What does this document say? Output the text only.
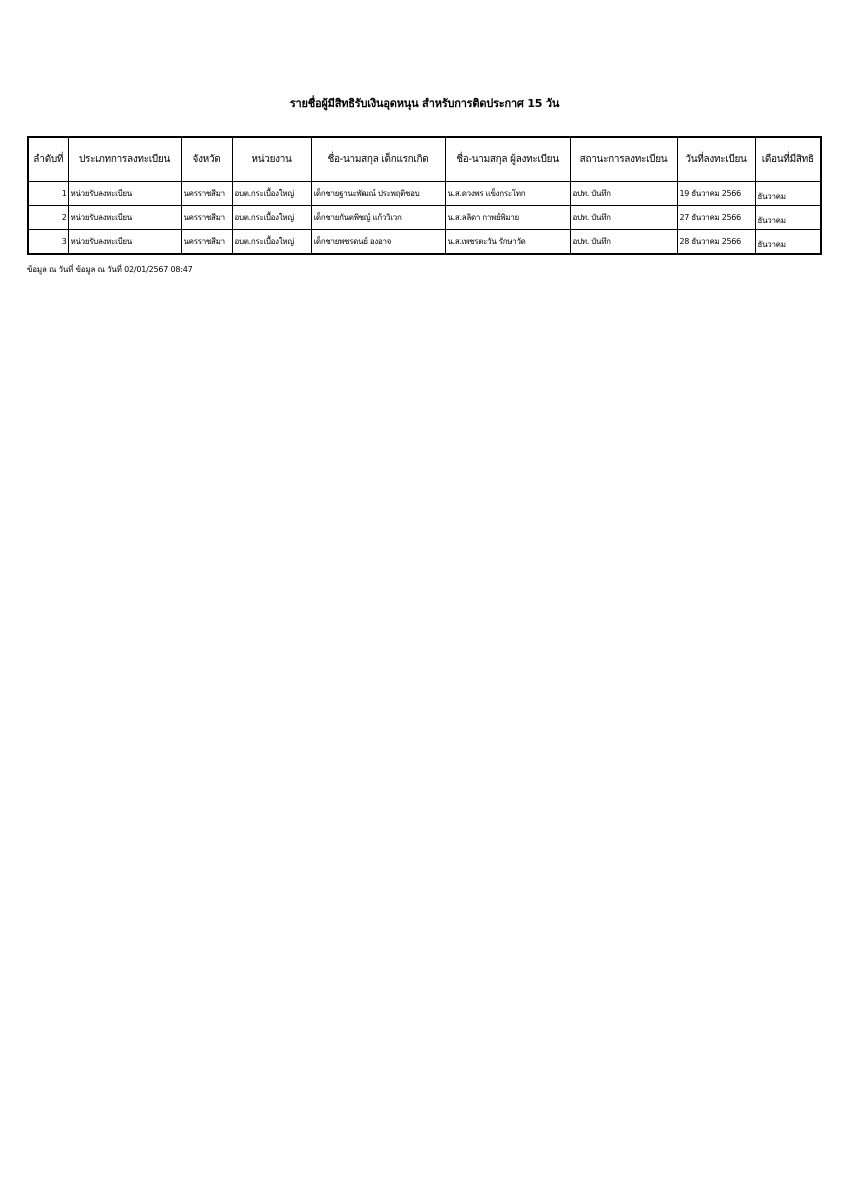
รายชื่อผู้มีสิทธิรับเงินอุดหนุน สำหรับการติดประกาศ 15 วัน
ลำดับที่	ประเภทการลงทะเบียน	จังหวัด	หน่วยงาน	ชื่อ-นามสกุล เด็กแรกเกิด	ชื่อ-นามสกุล ผู้ลงทะเบียน	สถานะการลงทะเบียน	วันที่ลงทะเบียน	เดือนที่มีสิทธิ
1	หน่วยรับลงทะเบียน	นครราชสีมา	อบต.กระเบื้องใหญ่	เด็กชายฐานะพัฒณ์ ประพฤติชอบ	น.ส.ดวงพร แข็งกระโทก	อปท. บันทึก	19 ธันวาคม 2566	ธันวาคม
2	หน่วยรับลงทะเบียน	นครราชสีมา	อบต.กระเบื้องใหญ่	เด็กชายกันตพิชญ์ แก้ววิเวก	น.ส.ลลิดา กาพย์พิมาย	อปท. บันทึก	27 ธันวาคม 2566	ธันวาคม
3	หน่วยรับลงทะเบียน	นครราชสีมา	อบต.กระเบื้องใหญ่	เด็กชายพชรดนย์ องอาจ	น.ส.เพชรตะวัน รักษาวัด	อปท. บันทึก	28 ธันวาคม 2566	ธันวาคม
ข้อมูล ณ วันที่ ข้อมูล ณ วันที่ 02/01/2567 08:47
